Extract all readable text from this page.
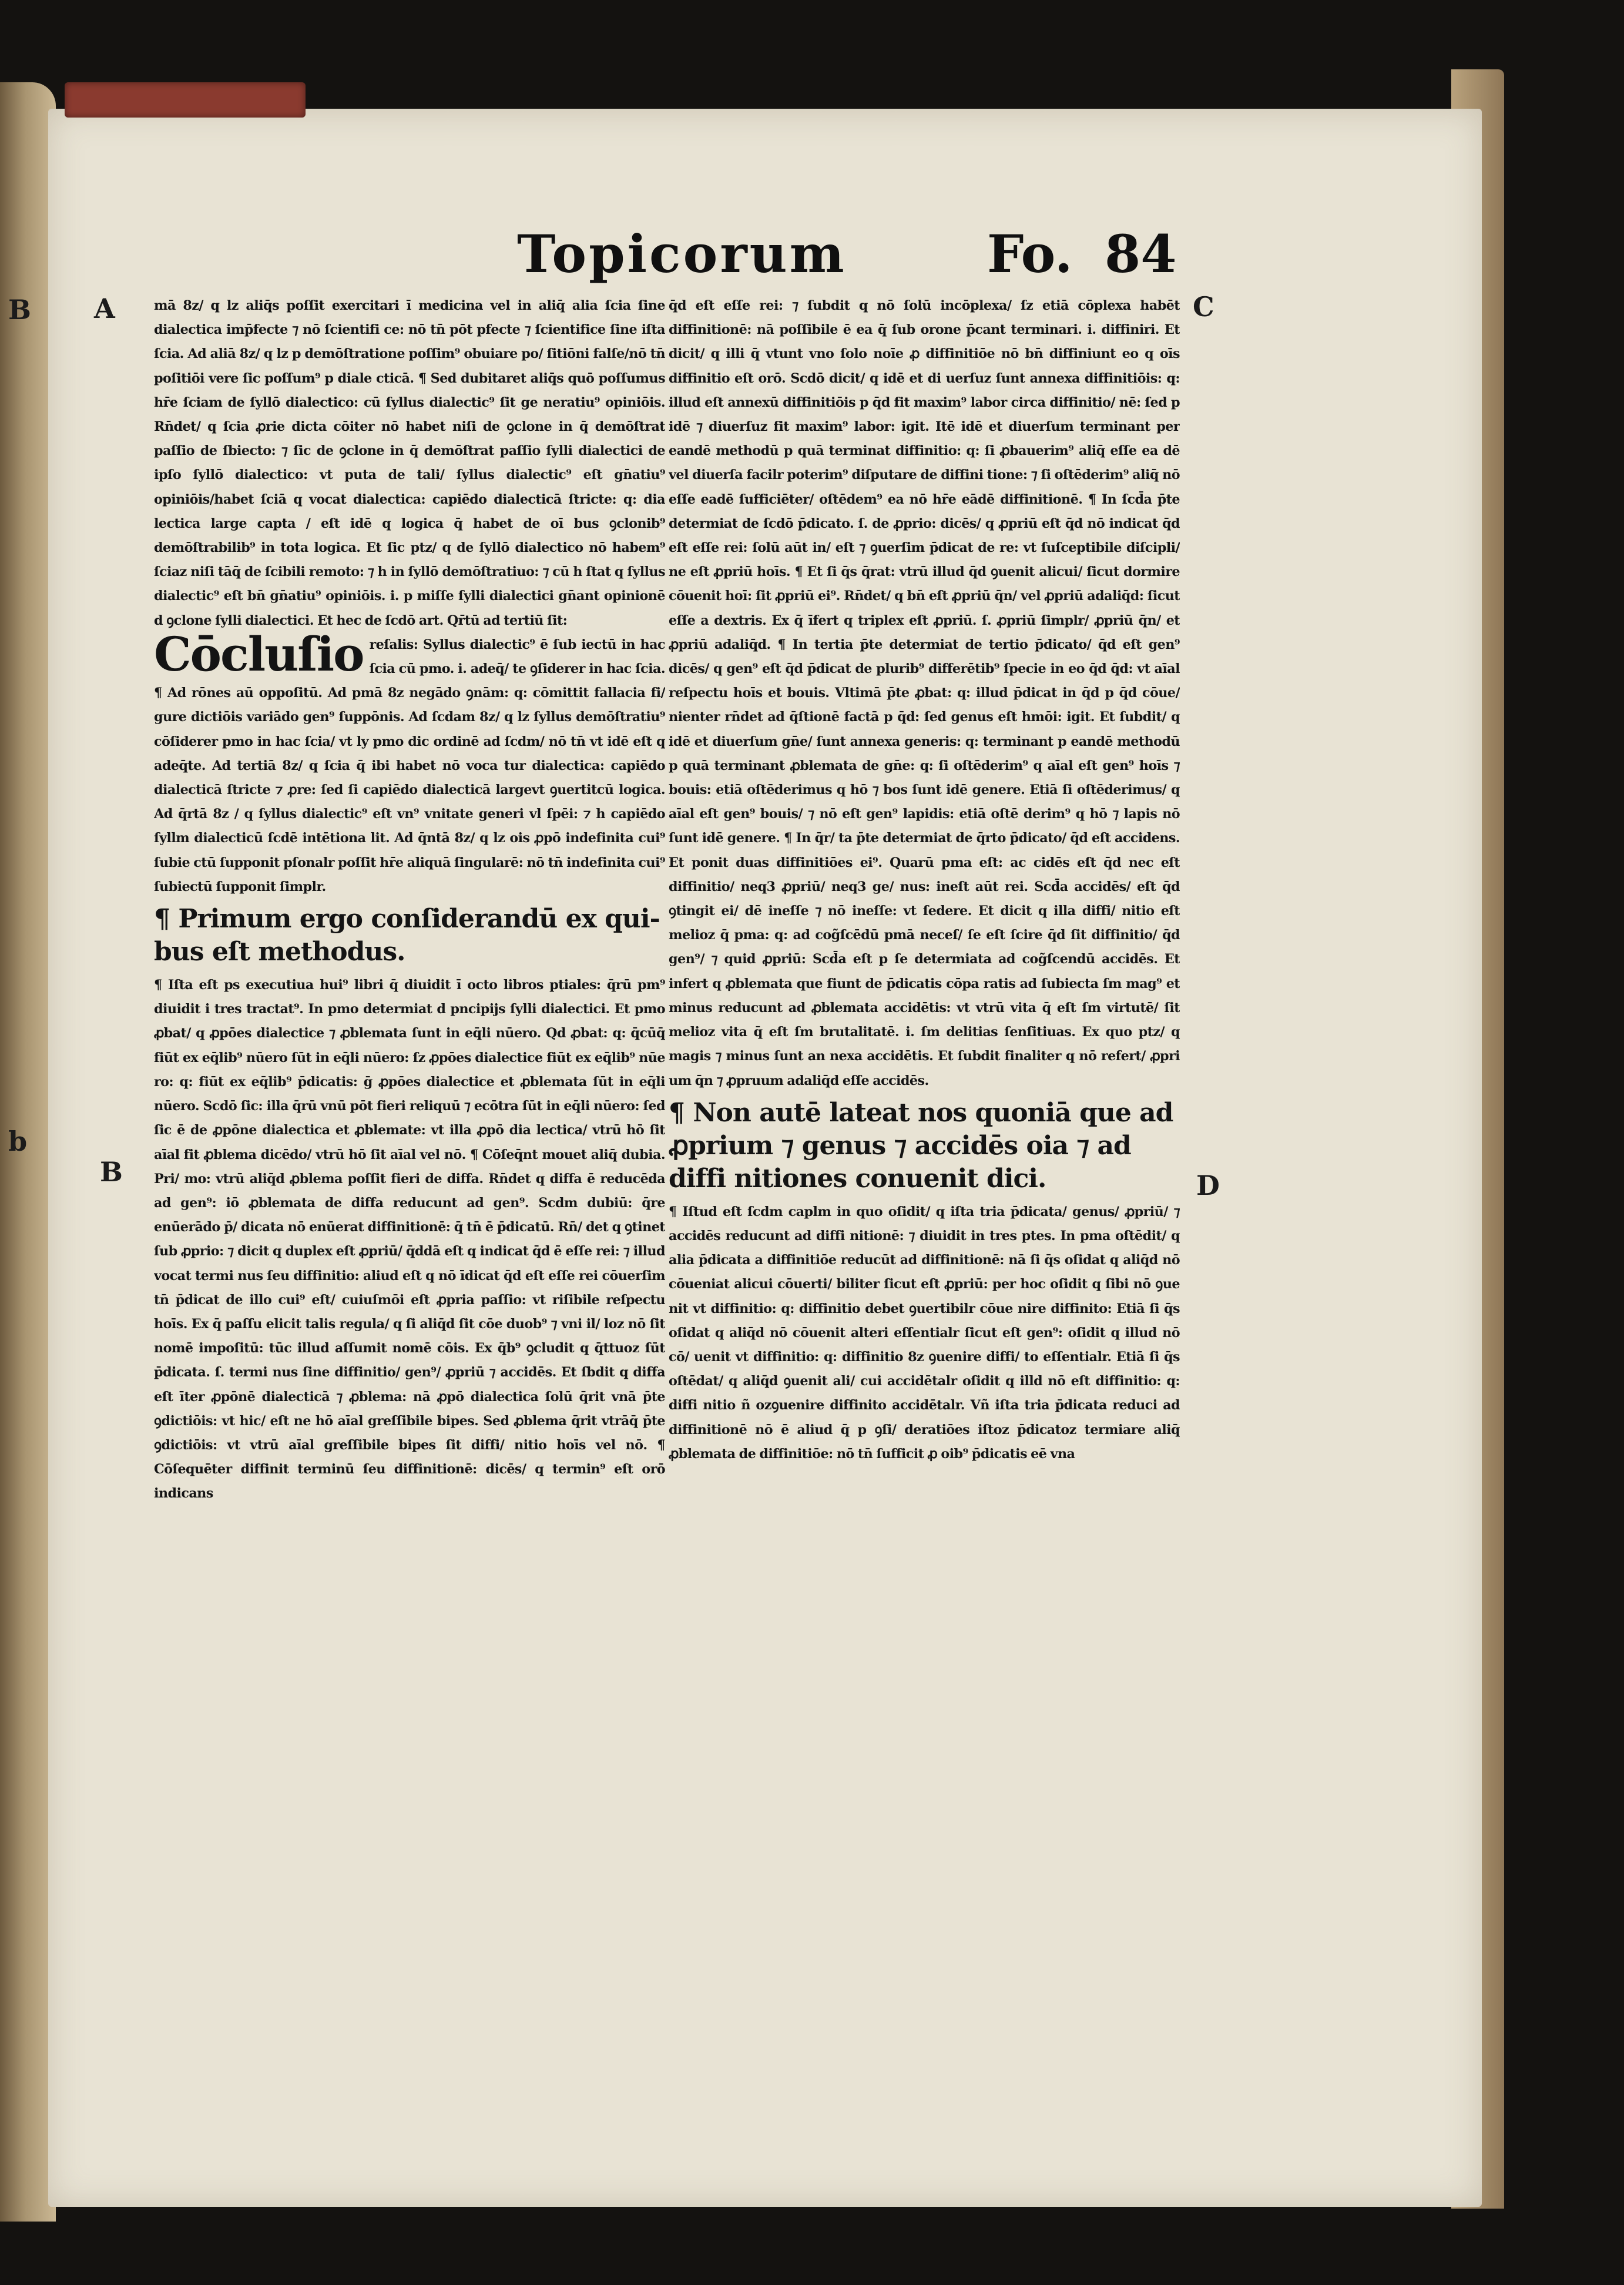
Topicorum	Fo. 84
B A
b
B
C
D

mā 8z/ q lz aliq̄s poſſit exercitari ī medicina vel in aliq̄ alia ſcia ſine dialectica imp̄fecte ⁊ nō ſcientifi ce: nō tn̄ pōt pfecte ⁊ ſcientifice ſine iſta ſcia. Ad aliā 8z/ q lz p demōſtratione poſſim⁹ obuiare po/ ſitiōni falſe/nō tn̄ poſitiōi vere ſic poſſum⁹ p diale cticā. ¶ Sed dubitaret aliq̄s quō poſſumus hr̄e ſciam de ſyllō dialectico: cū ſyllus dialectic⁹ ſit ge neratiu⁹ opiniōis. Rn̄det/ q ſcia ꝓrie dicta cōiter nō habet niſi de ꝯclone in q̄ demōſtrat paſſio de ſbiecto: ⁊ ſic de ꝯclone in q̄ demōſtrat paſſio ſylli dialectici de ipſo ſyllō dialectico: vt puta de tali/ ſyllus dialectic⁹ eſt gn̄atiu⁹ opiniōis/habet ſciā q vocat dialectica: capiēdo dialecticā ſtricte: q: dia lectica large capta / eſt idē q logica q̄ habet de oī bus ꝯclonib⁹ demōſtrabilib⁹ in tota logica. Et ſic ptz/ q de ſyllō dialectico nō habem⁹ ſciaz niſi tāq̄ de ſcibili remoto: ⁊ h in ſyllō demōſtratiuo: ⁊ cū h ſtat q ſyllus dialectic⁹ eſt bn̄ gn̄atiu⁹ opiniōis. i. p miſſe ſylli dialectici gn̄ant opinionē d ꝯclone ſylli dialectici. Et hec de ſcdō art. Qr̄tū ad tertiū ſit:

Cōcluſio reſalis: Syllus dialectic⁹ ē ſub iectū in hac ſcia cū pmo. i. adeq̄/ te ꝯſiderer in hac ſcia. ¶ Ad rōnes aū oppoſitū. Ad pmā 8z negādo ꝯnām: q: cōmittit fallacia fi/ gure dictiōis variādo gen⁹ ſuppōnis. Ad ſcdam 8z/ q lz ſyllus demōſtratiu⁹ cōſiderer pmo in hac ſcia/ vt ly pmo dic ordinē ad ſcdm/ nō tn̄ vt idē eſt q adeq̄te. Ad tertiā 8z/ q ſcia q̄ ibi habet nō voca tur dialectica: capiēdo dialecticā ſtricte ⁊ ꝓre: ſed ſi capiēdo dialecticā largevt ꝯuertitcū logica. Ad q̄rtā 8z / q ſyllus dialectic⁹ eſt vn⁹ vnitate generi vl ſpēi: ⁊ h capiēdo ſyllm dialecticū ſcdē intētiona lit. Ad q̄ntā 8z/ q lz ois ꝓpō indefinita cui⁹ ſubie ctū ſupponit pſonalr poſſit hr̄e aliquā ſingularē: nō tn̄ indefinita cui⁹ ſubiectū ſupponit ſimplr.

¶ Primum ergo conſiderandū ex qui- bus eſt methodus.

¶ Iſta eſt ps executiua hui⁹ libri q̄ diuidit ī octo libros ptiales: q̄rū pm⁹ diuidit i tres tractat⁹. In pmo determiat d pncipijs ſylli dialectici. Et pmo ꝓbat/ q ꝓpōes dialectice ⁊ ꝓblemata ſunt in eq̄li nūero. Qd ꝓbat: q: q̄cūq̄ fiūt ex eq̄lib⁹ nūero ſūt in eq̄li nūero: ſz ꝓpōes dialectice fiūt ex eq̄lib⁹ nūe ro: q: fiūt ex eq̄lib⁹ p̄dicatis: ḡ ꝓpōes dialectice et ꝓblemata ſūt in eq̄li nūero. Scdō ſic: illa q̄rū vnū pōt fieri reliquū ⁊ ecōtra ſūt in eq̄li nūero: ſed ſic ē de ꝓpōne dialectica et ꝓblemate: vt illa ꝓpō dia lectica/ vtrū hō ſit aīal fit ꝓblema dicēdo/ vtrū hō ſit aīal vel nō. ¶ Cōſeq̄nt mouet aliq̄ dubia. Pri/ mo: vtrū aliq̄d ꝓblema poſſit fieri de diffa. Rn̄det q diffa ē reducēda ad gen⁹: iō ꝓblemata de diffa reducunt ad gen⁹. Scdm dubiū: q̄re enūerādo p̄/ dicata nō enūerat diffinitionē: q̄ tn̄ ē p̄dicatū. Rn̄/ det q ꝯtinet ſub ꝓprio: ⁊ dicit q duplex eſt ꝓpriū/ q̄ddā eſt q indicat q̄d ē eſſe rei: ⁊ illud vocat termi nus ſeu diffinitio: aliud eſt q nō īdicat q̄d eſt eſſe rei cōuerſim tn̄ p̄dicat de illo cui⁹ eſt/ cuiuſmōi eſt ꝓpria paſſio: vt riſibile reſpectu hoīs. Ex q̄ paſſu elicit talis regula/ q ſi aliq̄d ſit cōe duob⁹ ⁊ vni il/ loz nō ſit nomē impoſitū: tūc illud aſſumit nomē cōis. Ex q̄b⁹ ꝯcludit q q̄ttuoz ſūt p̄dicata. ſ. termi nus ſine diffinitio/ gen⁹/ ꝓpriū ⁊ accidēs. Et ſbdit q diffa eſt īter ꝓpōnē dialecticā ⁊ ꝓblema: nā ꝓpō dialectica ſolū q̄rit vnā p̄te ꝯdictiōis: vt hic/ eſt ne hō aīal greſſibile bipes. Sed ꝓblema q̄rit vtrāq̄ p̄te ꝯdictiōis: vt vtrū aīal greſſibile bipes ſit diffi/ nitio hoīs vel nō. ¶ Cōſequēter diffinit terminū ſeu diffinitionē: dicēs/ q termin⁹ eſt orō indicans

q̄d eſt eſſe rei: ⁊ ſubdit q nō ſolū incōplexa/ ſz etiā cōplexa habēt diffinitionē: nā poſſibile ē ea q̄ ſub orone p̄cant terminari. i. diffiniri. Et dicit/ q illi q̄ vtunt vno ſolo noīe ꝓ diffinitiōe nō bn̄ diffiniunt eo q oīs diffinitio eſt orō. Scdō dicit/ q idē et di uerſuz ſunt annexa diffinitiōis: q: illud eſt annexū diffinitiōis p q̄d fit maxim⁹ labor circa diffinitio/ nē: ſed p idē ⁊ diuerſuz fit maxim⁹ labor: igit. Itē idē et diuerſum terminant per eandē methodū p quā terminat diffinitio: q: ſi ꝓbauerim⁹ aliq̄ eſſe ea dē vel diuerſa facilr poterim⁹ diſputare de diffini tione: ⁊ ſi oſtēderim⁹ aliq̄ nō eſſe eadē ſufficiēter/ oſtēdem⁹ ea nō hr̄e eādē diffinitionē. ¶ In ſcd̄a p̄te determiat de ſcdō p̄dicato. ſ. de ꝓprio: dicēs/ q ꝓpriū eſt q̄d nō indicat q̄d eſt eſſe rei: ſolū aūt in/ eſt ⁊ ꝯuerſim p̄dicat de re: vt ſuſceptibile diſcipli/ ne eſt ꝓpriū hoīs. ¶ Et ſi q̄s q̄rat: vtrū illud q̄d ꝯuenit alicui/ ſicut dormire cōuenit hoī: ſit ꝓpriū ei⁹. Rn̄det/ q bn̄ eſt ꝓpriū q̄n/ vel ꝓpriū adaliq̄d: ſicut eſſe a dextris. Ex q̄ īfert q triplex eſt ꝓpriū. ſ. ꝓpriū ſimplr/ ꝓpriū q̄n/ et ꝓpriū adaliq̄d. ¶ In tertia p̄te determiat de tertio p̄dicato/ q̄d eſt gen⁹ dicēs/ q gen⁹ eſt q̄d p̄dicat de plurib⁹ differētib⁹ ſpecie in eo q̄d q̄d: vt aīal reſpectu hoīs et bouis. Vltimā p̄te ꝓbat: q: illud p̄dicat in q̄d p q̄d cōue/ nienter rn̄det ad q̄ſtionē factā p q̄d: ſed genus eſt hmōi: igit. Et ſubdit/ q idē et diuerſum gn̄e/ ſunt annexa generis: q: terminant p eandē methodū p quā terminant ꝓblemata de gn̄e: q: ſi oſtēderim⁹ q aīal eſt gen⁹ hoīs ⁊ bouis: etiā oſtēderimus q hō ⁊ bos ſunt idē genere. Etiā ſi oſtēderimus/ q aīal eſt gen⁹ bouis/ ⁊ nō eſt gen⁹ lapidis: etiā oſtē derim⁹ q hō ⁊ lapis nō ſunt idē genere. ¶ In q̄r/ ta p̄te determiat de q̄rto p̄dicato/ q̄d eſt accidens. Et ponit duas diffinitiōes ei⁹. Quarū pma eſt: ac cidēs eſt q̄d nec eſt diffinitio/ neq3 ꝓpriū/ neq3 ge/ nus: ineſt aūt rei. Scd̄a accidēs/ eſt q̄d ꝯtingit ei/ dē ineſſe ⁊ nō ineſſe: vt ſedere. Et dicit q illa diffi/ nitio eſt melioz q̄ pma: q: ad cog̃ſcēdū pmā neceſ/ ſe eſt ſcire q̄d ſit diffinitio/ q̄d gen⁹/ ⁊ quid ꝓpriū: Scd̄a eſt p ſe determiata ad cog̃ſcendū accidēs. Et infert q ꝓblemata que fiunt de p̄dicatis cōpa ratis ad ſubiecta ſm mag⁹ et minus reducunt ad ꝓblemata accidētis: vt vtrū vita q̄ eſt ſm virtutē/ ſit melioz vita q̄ eſt ſm brutalitatē. i. ſm delitias ſenſitiuas. Ex quo ptz/ q magis ⁊ minus ſunt an nexa accidētis. Et ſubdit finaliter q nō refert/ ꝓpri um q̄n ⁊ ꝓpruum adaliq̄d eſſe accidēs.

¶ Non autē lateat nos quoniā que ad ꝓprium ⁊ genus ⁊ accidēs oia ⁊ ad diffi nitiones conuenit dici.

¶ Iſtud eſt ſcdm caplm in quo oſidit/ q iſta tria p̄dicata/ genus/ ꝓpriū/ ⁊ accidēs reducunt ad diffi nitionē: ⁊ diuidit in tres ptes. In pma oſtēdit/ q alia p̄dicata a diffinitiōe reducūt ad diffinitionē: nā ſi q̄s oſidat q aliq̄d nō cōueniat alicui cōuerti/ biliter ſicut eſt ꝓpriū: per hoc oſidit q ſibi nō ꝯue nit vt diffinitio: q: diffinitio debet ꝯuertibilr cōue nire diffinito: Etiā ſi q̄s oſidat q aliq̄d nō cōuenit alteri eſſentialr ſicut eſt gen⁹: oſidit q illud nō cō/ uenit vt diffinitio: q: diffinitio 8z ꝯuenire diffi/ to eſſentialr. Etiā ſi q̄s oſtēdat/ q aliq̄d ꝯuenit ali/ cui accidētalr oſidit q illd nō eſt diffinitio: q: diffi nitio ñ ozꝯuenire diffinito accidētalr. Vñ iſta tria p̄dicata reduci ad diffinitionē nō ē aliud q̄ p ꝯſi/ deratiōes iſtoz p̄dicatoz termiare aliq̄ ꝓblemata de diffinitiōe: nō tn̄ ſufficit ꝓ oib⁹ p̄dicatis eē vna
